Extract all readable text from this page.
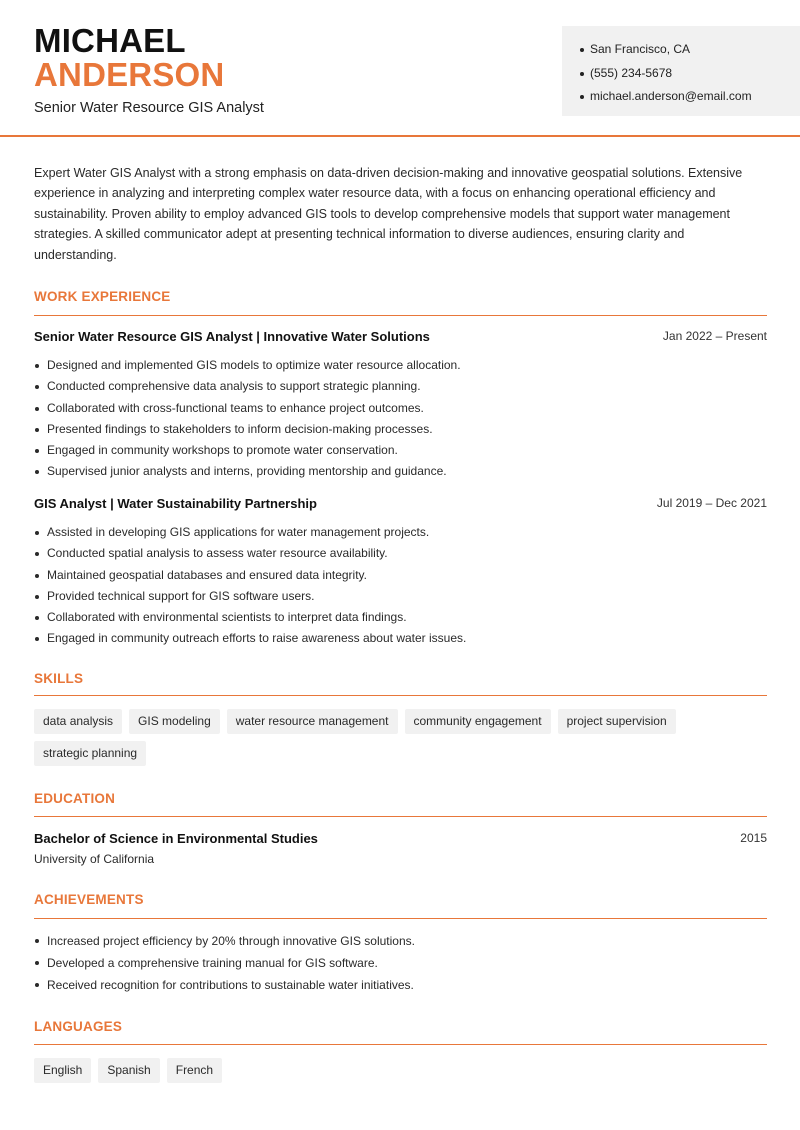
MICHAEL
ANDERSON
Senior Water Resource GIS Analyst
San Francisco, CA
(555) 234-5678
michael.anderson@email.com

Expert Water GIS Analyst with a strong emphasis on data-driven decision-making and innovative geospatial solutions. Extensive experience in analyzing and interpreting complex water resource data, with a focus on enhancing operational efficiency and sustainability. Proven ability to employ advanced GIS tools to develop comprehensive models that support water management strategies. A skilled communicator adept at presenting technical information to diverse audiences, ensuring clarity and understanding.

WORK EXPERIENCE
Senior Water Resource GIS Analyst | Innovative Water Solutions	Jan 2022 – Present
Designed and implemented GIS models to optimize water resource allocation.
Conducted comprehensive data analysis to support strategic planning.
Collaborated with cross-functional teams to enhance project outcomes.
Presented findings to stakeholders to inform decision-making processes.
Engaged in community workshops to promote water conservation.
Supervised junior analysts and interns, providing mentorship and guidance.
GIS Analyst | Water Sustainability Partnership	Jul 2019 – Dec 2021
Assisted in developing GIS applications for water management projects.
Conducted spatial analysis to assess water resource availability.
Maintained geospatial databases and ensured data integrity.
Provided technical support for GIS software users.
Collaborated with environmental scientists to interpret data findings.
Engaged in community outreach efforts to raise awareness about water issues.
SKILLS
data analysis	GIS modeling	water resource management	community engagement	project supervision
strategic planning
EDUCATION
Bachelor of Science in Environmental Studies	2015
University of California
ACHIEVEMENTS
Increased project efficiency by 20% through innovative GIS solutions.
Developed a comprehensive training manual for GIS software.
Received recognition for contributions to sustainable water initiatives.
LANGUAGES
English	Spanish	French
